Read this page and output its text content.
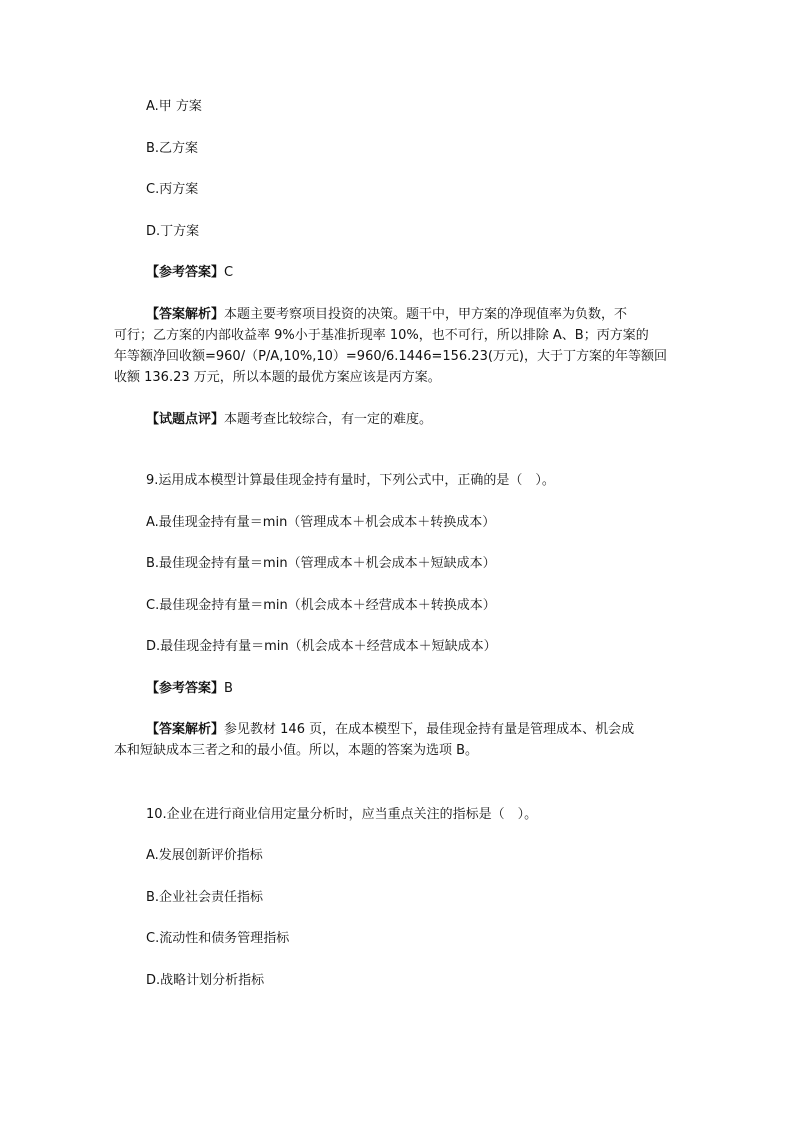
A.甲 方案
B.乙方案
C.丙方案
D.丁方案
【参考答案】C
【答案解析】本题主要考察项目投资的决策。题干中，甲方案的净现值率为负数，不
可行；乙方案的内部收益率 9%小于基准折现率 10%，也不可行，所以排除 A、B；丙方案的
年等额净回收额=960/（P/A,10%,10）=960/6.1446=156.23(万元)，大于丁方案的年等额回
收额 136.23 万元，所以本题的最优方案应该是丙方案。
【试题点评】本题考查比较综合，有一定的难度。
9.运用成本模型计算最佳现金持有量时，下列公式中，正确的是（　）。
A.最佳现金持有量＝min（管理成本＋机会成本＋转换成本）
B.最佳现金持有量＝min（管理成本＋机会成本＋短缺成本）
C.最佳现金持有量＝min（机会成本＋经营成本＋转换成本）
D.最佳现金持有量＝min（机会成本＋经营成本＋短缺成本）
【参考答案】B
【答案解析】参见教材 146 页，在成本模型下，最佳现金持有量是管理成本、机会成
本和短缺成本三者之和的最小值。所以，本题的答案为选项 B。
10.企业在进行商业信用定量分析时，应当重点关注的指标是（　）。
A.发展创新评价指标
B.企业社会责任指标
C.流动性和债务管理指标
D.战略计划分析指标
